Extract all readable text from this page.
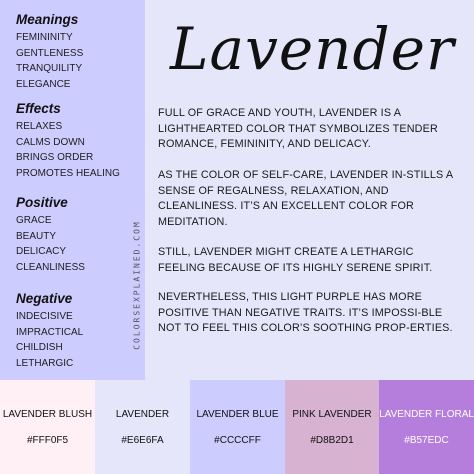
Meanings
FEMININITY
GENTLENESS
TRANQUILITY
ELEGANCE
Effects
RELAXES
CALMS DOWN
BRINGS ORDER
PROMOTES HEALING
Positive
GRACE
BEAUTY
DELICACY
CLEANLINESS
Negative
INDECISIVE
IMPRACTICAL
CHILDISH
LETHARGIC
COLORSEXPLAINED.COM
Lavender

FULL OF GRACE AND YOUTH, LAVENDER IS A LIGHTHEARTED COLOR THAT SYMBOLIZES TENDER ROMANCE, FEMININITY, AND DELICACY.

AS THE COLOR OF SELF-CARE, LAVENDER IN-STILLS A SENSE OF REGALNESS, RELAXATION, AND CLEANLINESS. IT’S AN EXCELLENT COLOR FOR MEDITATION.

STILL, LAVENDER MIGHT CREATE A LETHARGIC FEELING BECAUSE OF ITS HIGHLY SERENE SPIRIT.

NEVERTHELESS, THIS LIGHT PURPLE HAS MORE POSITIVE THAN NEGATIVE TRAITS. IT’S IMPOSSI-BLE NOT TO FEEL THIS COLOR’S SOOTHING PROP-ERTIES.

LAVENDER BLUSH
#FFF0F5
LAVENDER
#E6E6FA
LAVENDER BLUE
#CCCCFF
PINK LAVENDER
#D8B2D1
LAVENDER FLORAL
#B57EDC
